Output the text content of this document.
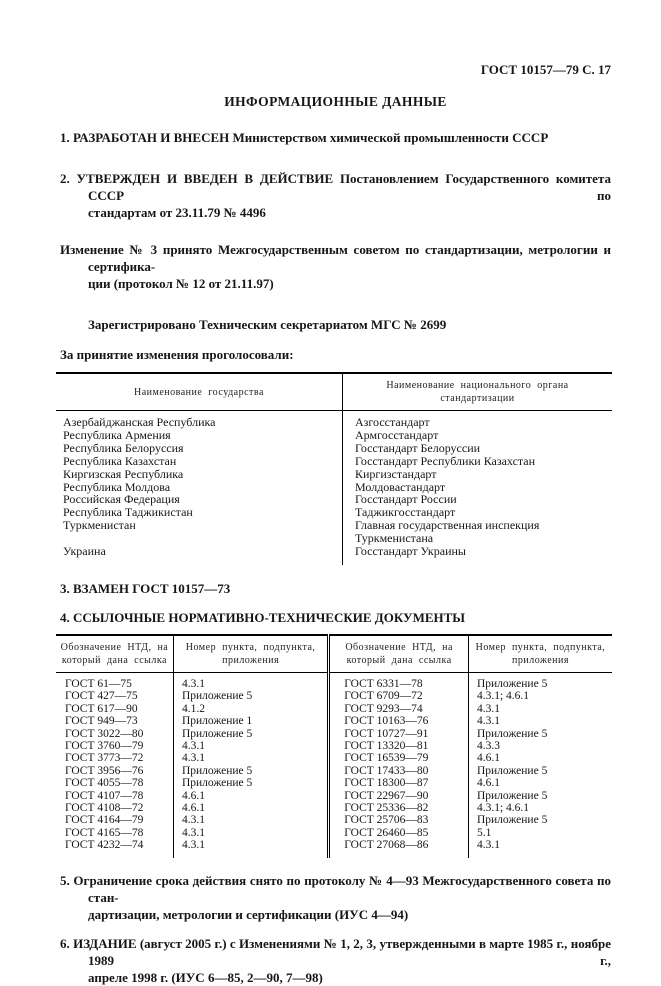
ГОСТ 10157—79 С. 17
ИНФОРМАЦИОННЫЕ ДАННЫЕ

1. РАЗРАБОТАН И ВНЕСЕН Министерством химической промышленности СССР

2. УТВЕРЖДЕН И ВВЕДЕН В ДЕЙСТВИЕ Постановлением Государственного комитета СССР по
стандартам от 23.11.79 № 4496

Изменение № 3 принято Межгосударственным советом по стандартизации, метрологии и сертифика-
ции (протокол № 12 от 21.11.97)

Зарегистрировано Техническим секретариатом МГС № 2699

За принятие изменения проголосовали:

Наименование государства	Наименование национального органа стандартизации
Азербайджанская Республика	Азгосстандарт
Республика Армения	Армгосстандарт
Республика Белоруссия	Госстандарт Белоруссии
Республика Казахстан	Госстандарт Республики Казахстан
Киргизская Республика	Киргизстандарт
Республика Молдова	Молдовастандарт
Российская Федерация	Госстандарт России
Республика Таджикистан	Таджикгосстандарт
Туркменистан	Главная государственная инспекция Туркменистана
Украина	Госстандарт Украины

3. ВЗАМЕН ГОСТ 10157—73

4. ССЫЛОЧНЫЕ НОРМАТИВНО-ТЕХНИЧЕСКИЕ ДОКУМЕНТЫ

Обозначение НТД, на который дана ссылка	Номер пункта, подпункта, приложения	Обозначение НТД, на который дана ссылка	Номер пункта, подпункта, приложения
ГОСТ 61—75	4.3.1	ГОСТ 6331—78	Приложение 5
ГОСТ 427—75	Приложение 5	ГОСТ 6709—72	4.3.1; 4.6.1
ГОСТ 617—90	4.1.2	ГОСТ 9293—74	4.3.1
ГОСТ 949—73	Приложение 1	ГОСТ 10163—76	4.3.1
ГОСТ 3022—80	Приложение 5	ГОСТ 10727—91	Приложение 5
ГОСТ 3760—79	4.3.1	ГОСТ 13320—81	4.3.3
ГОСТ 3773—72	4.3.1	ГОСТ 16539—79	4.6.1
ГОСТ 3956—76	Приложение 5	ГОСТ 17433—80	Приложение 5
ГОСТ 4055—78	Приложение 5	ГОСТ 18300—87	4.6.1
ГОСТ 4107—78	4.6.1	ГОСТ 22967—90	Приложение 5
ГОСТ 4108—72	4.6.1	ГОСТ 25336—82	4.3.1; 4.6.1
ГОСТ 4164—79	4.3.1	ГОСТ 25706—83	Приложение 5
ГОСТ 4165—78	4.3.1	ГОСТ 26460—85	5.1
ГОСТ 4232—74	4.3.1	ГОСТ 27068—86	4.3.1

5. Ограничение срока действия снято по протоколу № 4—93 Межгосударственного совета по стан-
дартизации, метрологии и сертификации (ИУС 4—94)

6. ИЗДАНИЕ (август 2005 г.) с Изменениями № 1, 2, 3, утвержденными в марте 1985 г., ноябре 1989 г.,
апреле 1998 г. (ИУС 6—85, 2—90, 7—98)
